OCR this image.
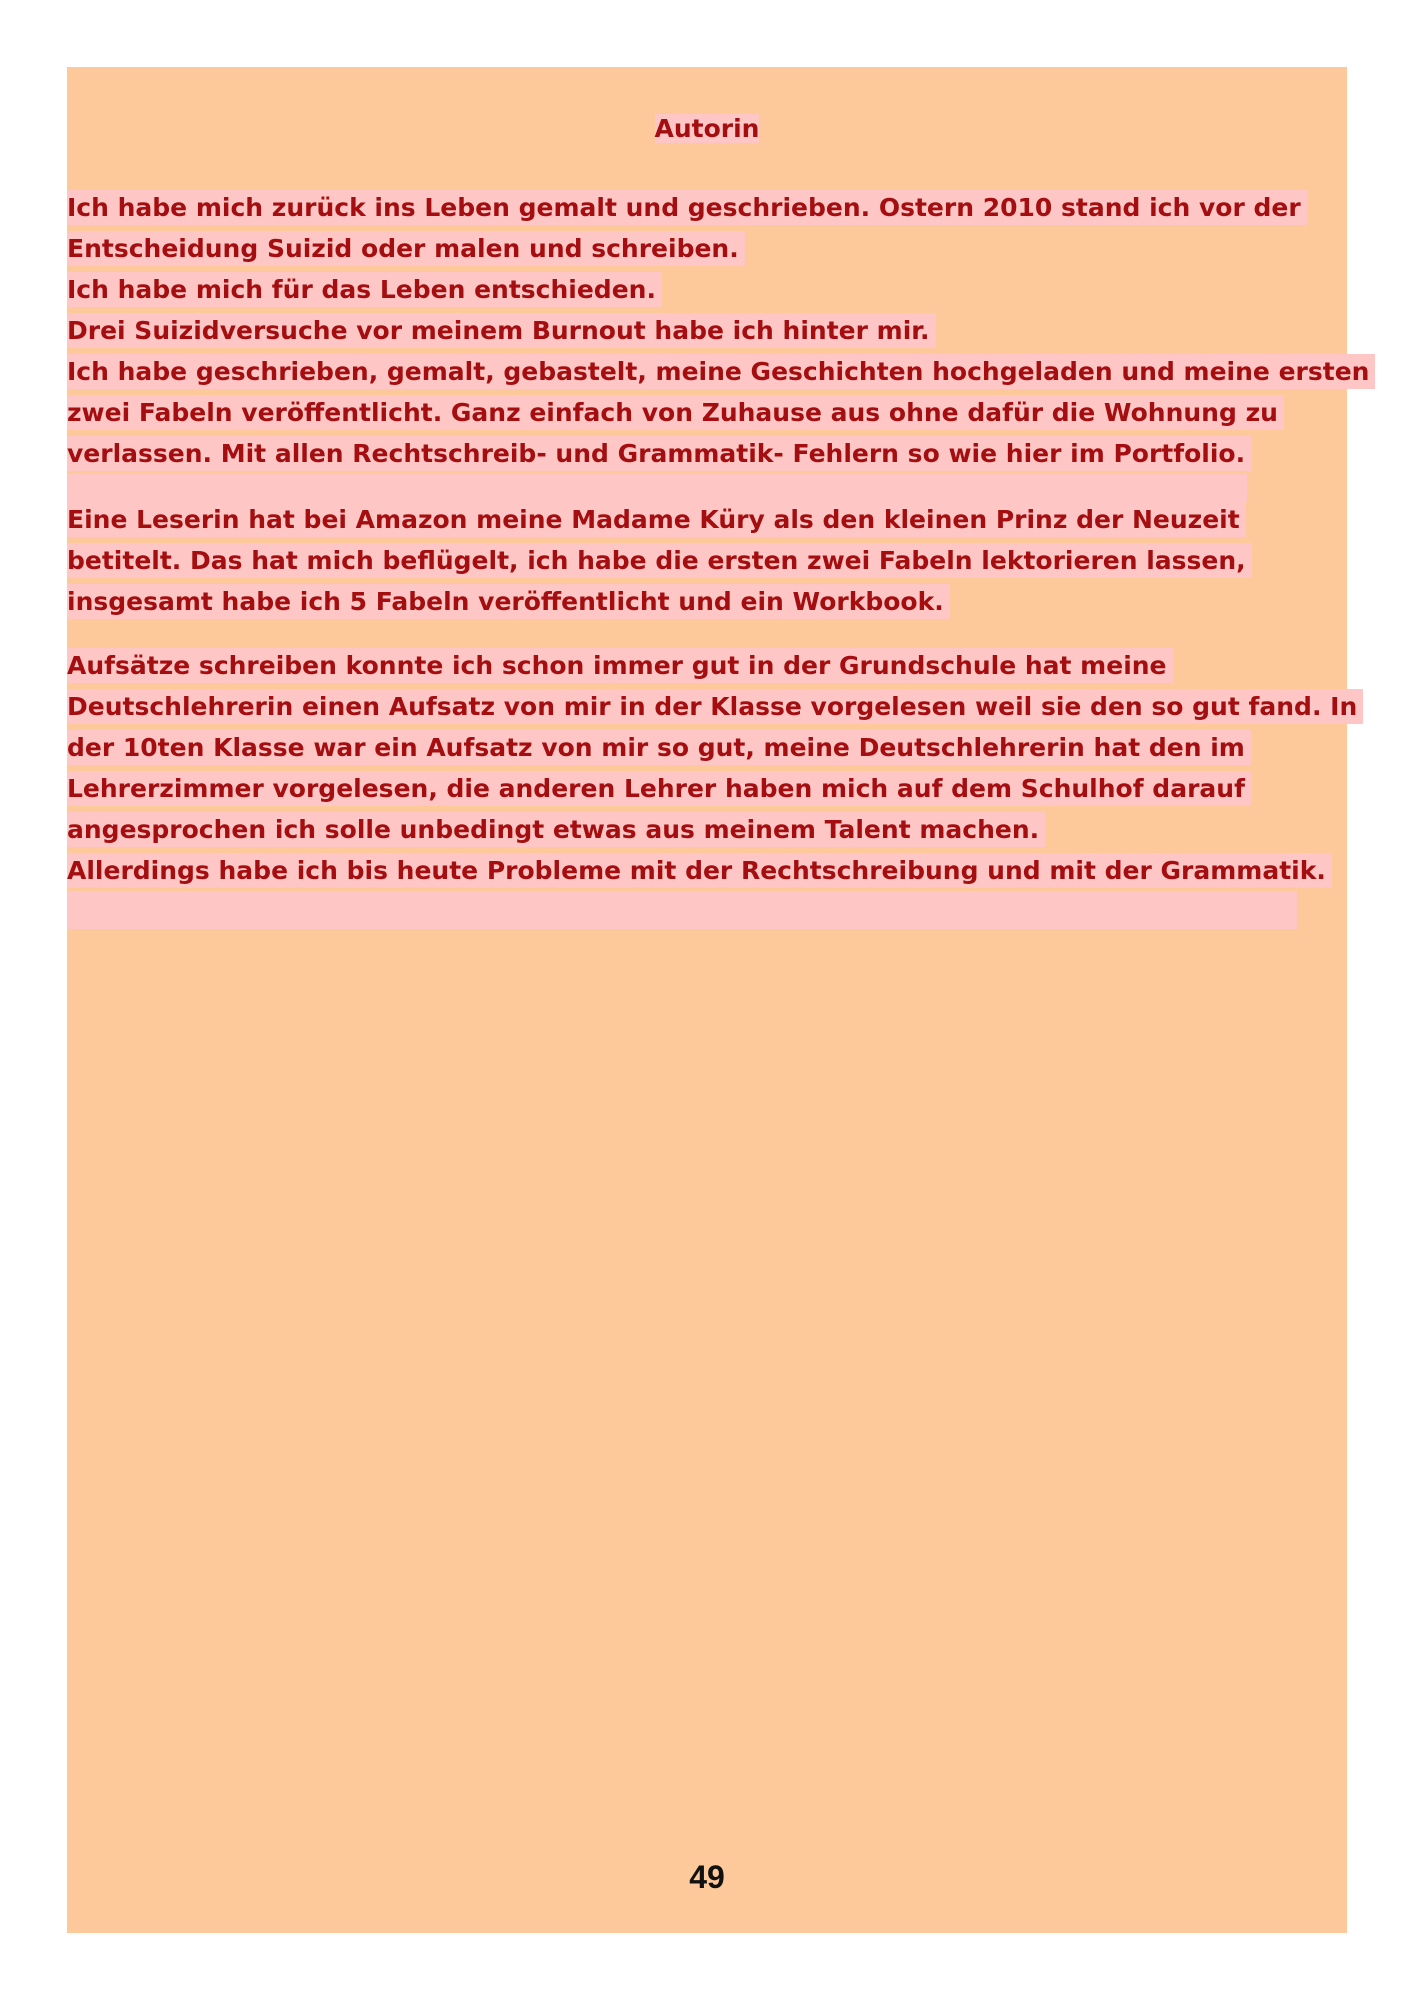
Autorin
Ich habe mich zurück ins Leben gemalt und geschrieben. Ostern 2010 stand ich vor der
Entscheidung Suizid oder malen und schreiben.
Ich habe mich für das Leben entschieden.
Drei Suizidversuche vor meinem Burnout habe ich hinter mir.
Ich habe geschrieben, gemalt, gebastelt, meine Geschichten hochgeladen und meine ersten
zwei Fabeln veröffentlicht. Ganz einfach von Zuhause aus ohne dafür die Wohnung zu
verlassen. Mit allen Rechtschreib- und Grammatik- Fehlern so wie hier im Portfolio.
Eine Leserin hat bei Amazon meine Madame Küry als den kleinen Prinz der Neuzeit
betitelt. Das hat mich beflügelt, ich habe die ersten zwei Fabeln lektorieren lassen,
insgesamt habe ich 5 Fabeln veröffentlicht und ein Workbook.
Aufsätze schreiben konnte ich schon immer gut in der Grundschule hat meine
Deutschlehrerin einen Aufsatz von mir in der Klasse vorgelesen weil sie den so gut fand. In
der 10ten Klasse war ein Aufsatz von mir so gut, meine Deutschlehrerin hat den im
Lehrerzimmer vorgelesen, die anderen Lehrer haben mich auf dem Schulhof darauf
angesprochen ich solle unbedingt etwas aus meinem Talent machen.
Allerdings habe ich bis heute Probleme mit der Rechtschreibung und mit der Grammatik.
49
